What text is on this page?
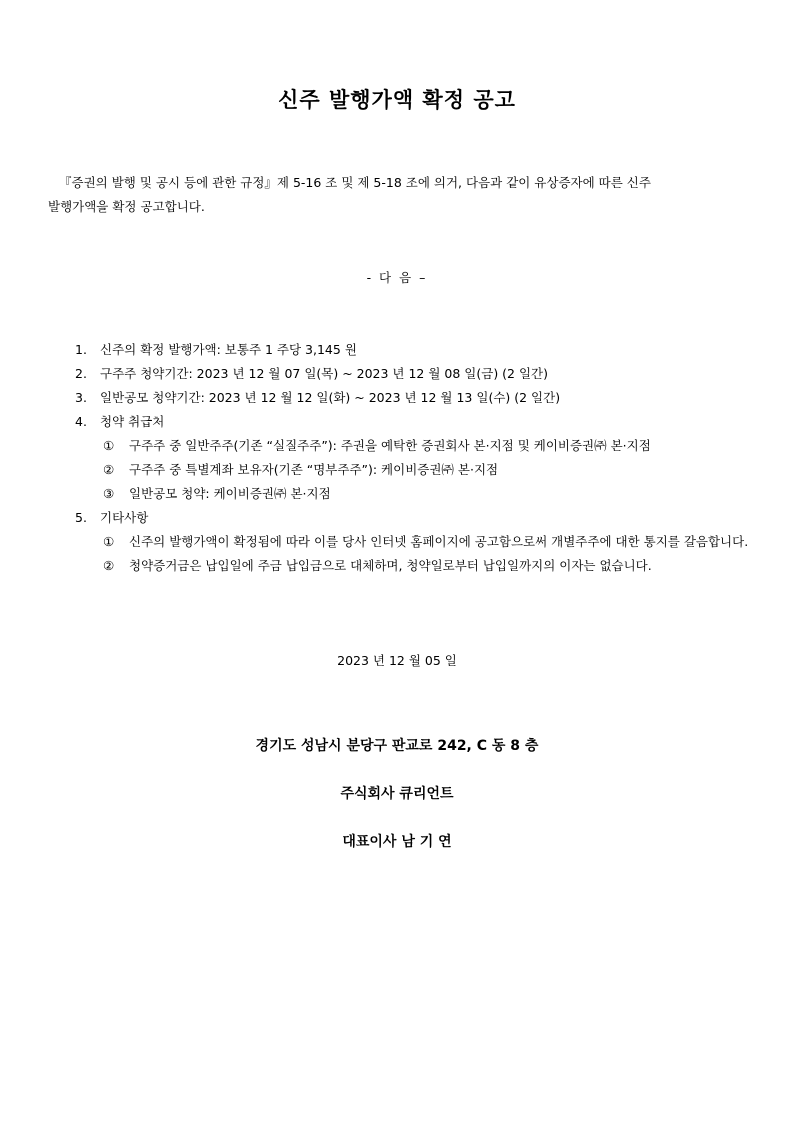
신주 발행가액 확정 공고
『증권의 발행 및 공시 등에 관한 규정』제 5-16 조 및 제 5-18 조에 의거, 다음과 같이 유상증자에 따른 신주
발행가액을 확정 공고합니다.
- 다 음 –
1.	신주의 확정 발행가액: 보통주 1 주당 3,145 원
2.	구주주 청약기간: 2023 년 12 월 07 일(목) ~ 2023 년 12 월 08 일(금) (2 일간)
3.	일반공모 청약기간: 2023 년 12 월 12 일(화) ~ 2023 년 12 월 13 일(수) (2 일간)
4.	청약 취급처
①	구주주 중 일반주주(기존 “실질주주”): 주권을 예탁한 증권회사 본·지점 및 케이비증권㈜ 본·지점
②	구주주 중 특별계좌 보유자(기존 “명부주주”): 케이비증권㈜ 본·지점
③	일반공모 청약: 케이비증권㈜ 본·지점
5.	기타사항
①	신주의 발행가액이 확정됨에 따라 이를 당사 인터넷 홈페이지에 공고함으로써 개별주주에 대한 통지를 갈음합니다.
②	청약증거금은 납입일에 주금 납입금으로 대체하며, 청약일로부터 납입일까지의 이자는 없습니다.
2023 년 12 월 05 일
경기도 성남시 분당구 판교로 242, C 동 8 층
주식회사 큐리언트
대표이사 남 기 연
